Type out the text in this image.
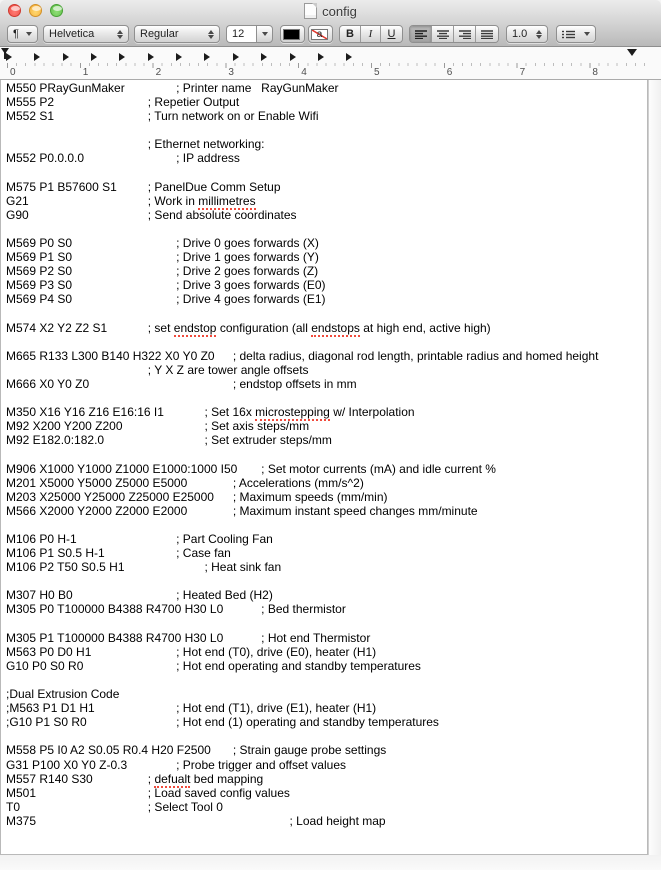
config
¶	Helvetica	Regular	12	a	B	I	U	1.0
0	1	2	3	4	5	6	7	8
M550 PRayGunMaker		; Printer name	RayGunMaker
M555 P2				; Repetier Output
M552 S1				; Turn network on or Enable Wifi

					; Ethernet networking:
M552 P0.0.0.0				; IP address

M575 P1 B57600 S1		; PanelDue Comm Setup
G21					; Work in millimetres
G90					; Send absolute coordinates

M569 P0 S0				; Drive 0 goes forwards (X)
M569 P1 S0				; Drive 1 goes forwards (Y)
M569 P2 S0				; Drive 2 goes forwards (Z)
M569 P3 S0				; Drive 3 goes forwards (E0)
M569 P4 S0				; Drive 4 goes forwards (E1)

M574 X2 Y2 Z2 S1		; set endstop configuration (all endstops at high end, active high)

M665 R133 L300 B140 H322 X0 Y0 Z0	; delta radius, diagonal rod length, printable radius and homed height
					; Y X Z are tower angle offsets
M666 X0 Y0 Z0						; endstop offsets in mm

M350 X16 Y16 Z16 E16:16 I1		; Set 16x microstepping w/ Interpolation
M92 X200 Y200 Z200			; Set axis steps/mm
M92 E182.0:182.0				; Set extruder steps/mm

M906 X1000 Y1000 Z1000 E1000:1000 I50	; Set motor currents (mA) and idle current %
M201 X5000 Y5000 Z5000 E5000		; Accelerations (mm/s^2)
M203 X25000 Y25000 Z25000 E25000	; Maximum speeds (mm/min)
M566 X2000 Y2000 Z2000 E2000		; Maximum instant speed changes mm/minute

M106 P0 H-1				; Part Cooling Fan
M106 P1 S0.5 H-1			; Case fan
M106 P2 T50 S0.5 H1			; Heat sink fan

M307 H0 B0				; Heated Bed (H2)
M305 P0 T100000 B4388 R4700 H30 L0		; Bed thermistor

M305 P1 T100000 B4388 R4700 H30 L0		; Hot end Thermistor
M563 P0 D0 H1			; Hot end (T0), drive (E0), heater (H1)
G10 P0 S0 R0				; Hot end operating and standby temperatures

;Dual Extrusion Code
;M563 P1 D1 H1			; Hot end (T1), drive (E1), heater (H1)
;G10 P1 S0 R0				; Hot end (1) operating and standby temperatures

M558 P5 I0 A2 S0.05 R0.4 H20 F2500	; Strain gauge probe settings
G31 P100 X0 Y0 Z-0.3		; Probe trigger and offset values
M557 R140 S30		; defualt bed mapping
M501				; Load saved config values
T0					; Select Tool 0
M375									; Load height map
